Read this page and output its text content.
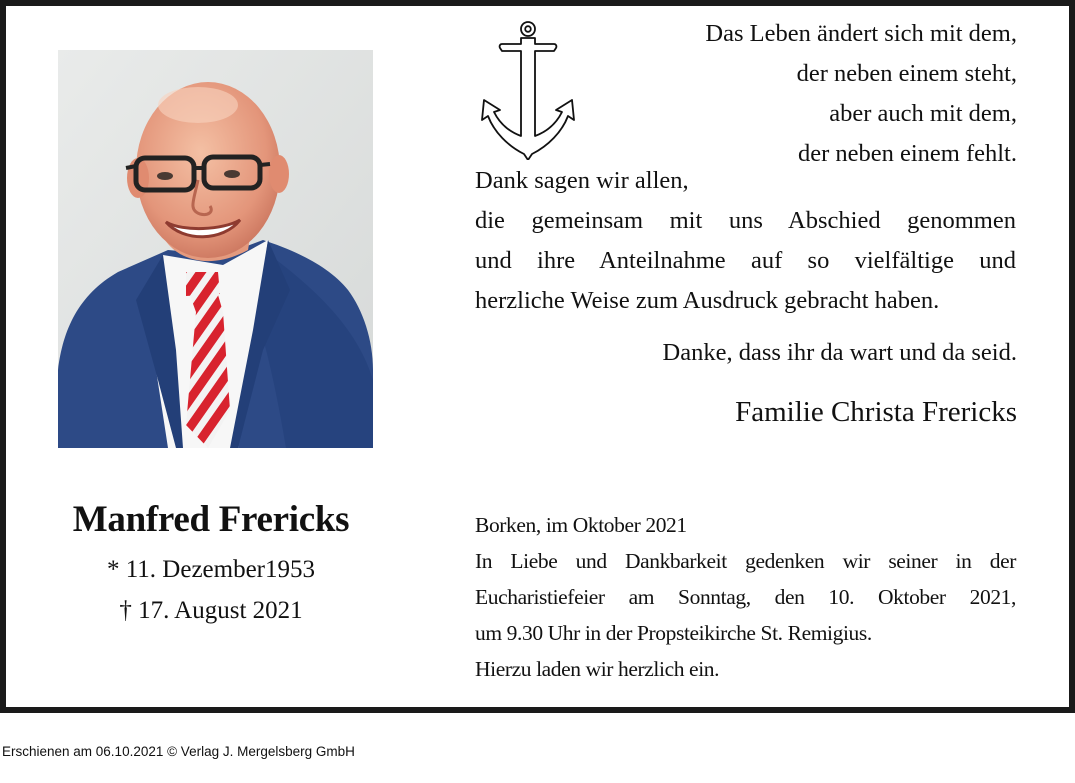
Manfred Frericks
* 11. Dezember1953
† 17. August 2021
Das Leben ändert sich mit dem,
der neben einem steht,
aber auch mit dem,
der neben einem fehlt.
Dank sagen wir allen,
die gemeinsam mit uns Abschied genommen
und ihre Anteilnahme auf so vielfältige und
herzliche Weise zum Ausdruck gebracht haben.
Danke, dass ihr da wart und da seid.
Familie Christa Frericks
Borken, im Oktober 2021
In Liebe und Dankbarkeit gedenken wir seiner in der
Eucharistiefeier am Sonntag, den 10. Oktober 2021,
um 9.30 Uhr in der Propsteikirche St. Remigius.
Hierzu laden wir herzlich ein.
Erschienen am 06.10.2021 © Verlag J. Mergelsberg GmbH
